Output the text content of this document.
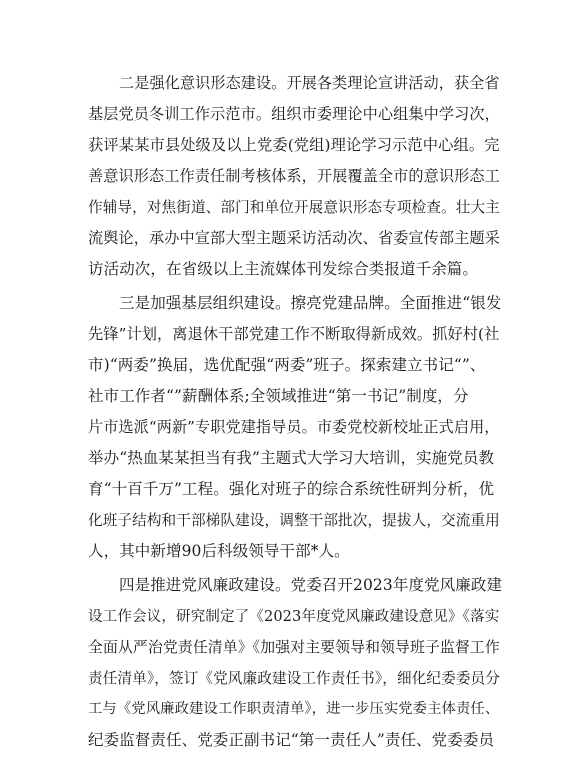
二是强化意识形态建设。开展各类理论宣讲活动，获全省
基层党员冬训工作示范市。组织市委理论中心组集中学习次，
获评某某市县处级及以上党委(党组)理论学习示范中心组。完
善意识形态工作责任制考核体系，开展覆盖全市的意识形态工
作辅导，对焦街道、部门和单位开展意识形态专项检查。壮大主
流舆论，承办中宣部大型主题采访活动次、省委宣传部主题采
访活动次，在省级以上主流媒体刊发综合类报道千余篇。

三是加强基层组织建设。擦亮党建品牌。全面推进“银发
先锋”计划，离退休干部党建工作不断取得新成效。抓好村(社
市)“两委”换届，选优配强“两委”班子。探索建立书记“”、
社市工作者“”薪酬体系;全领域推进“第一书记”制度，分
片市选派“两新”专职党建指导员。市委党校新校址正式启用，
举办“热血某某担当有我”主题式大学习大培训，实施党员教
育“十百千万”工程。强化对班子的综合系统性研判分析，优
化班子结构和干部梯队建设，调整干部批次，提拔人，交流重用
人，其中新增90后科级领导干部*人。

四是推进党风廉政建设。党委召开2023年度党风廉政建
设工作会议，研究制定了《2023年度党风廉政建设意见》《落实
全面从严治党责任清单》《加强对主要领导和领导班子监督工作
责任清单》，签订《党风廉政建设工作责任书》，细化纪委委员分
工与《党风廉政建设工作职责清单》，进一步压实党委主体责任、
纪委监督责任、党委正副书记“第一责任人”责任、党委委员
